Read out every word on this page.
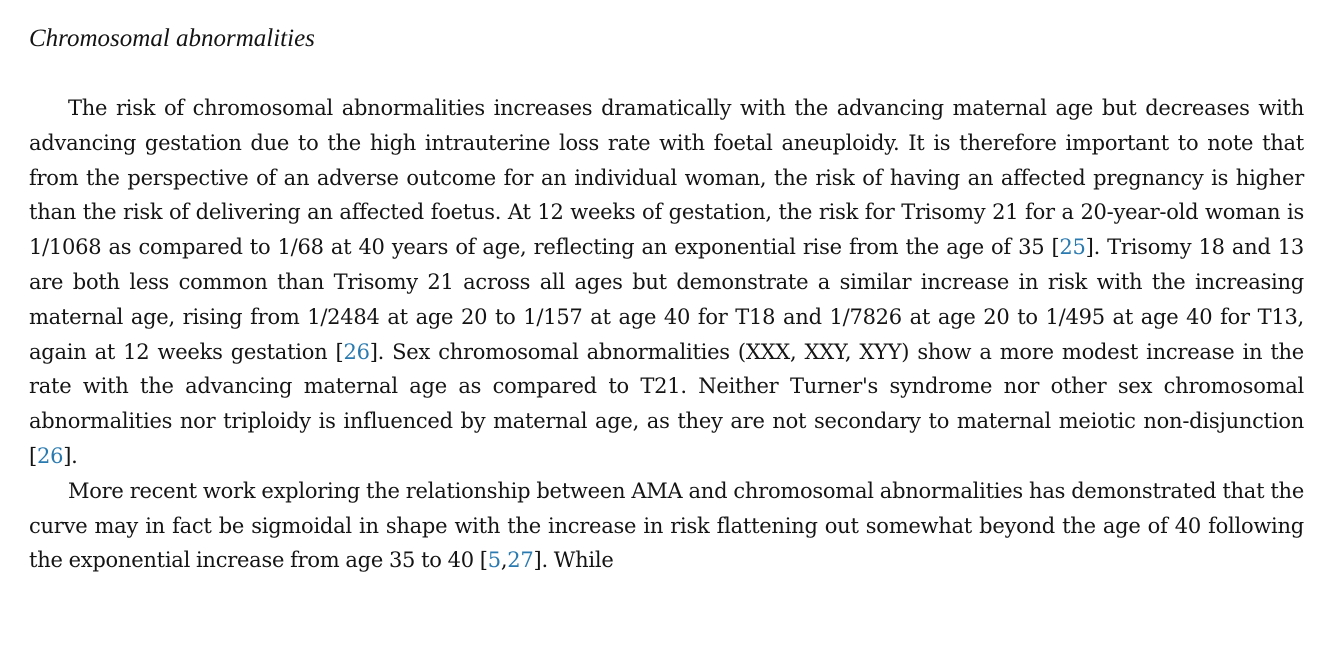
Chromosomal abnormalities

The risk of chromosomal abnormalities increases dramatically with the advancing maternal age but decreases with advancing gestation due to the high intrauterine loss rate with foetal aneuploidy. It is therefore important to note that from the perspective of an adverse outcome for an individual woman, the risk of having an affected pregnancy is higher than the risk of delivering an affected foetus. At 12 weeks of gestation, the risk for Trisomy 21 for a 20-year-old woman is 1/1068 as compared to 1/68 at 40 years of age, reflecting an exponential rise from the age of 35 [25]. Trisomy 18 and 13 are both less common than Trisomy 21 across all ages but demonstrate a similar increase in risk with the increasing maternal age, rising from 1/2484 at age 20 to 1/157 at age 40 for T18 and 1/7826 at age 20 to 1/495 at age 40 for T13, again at 12 weeks gestation [26]. Sex chromosomal abnormalities (XXX, XXY, XYY) show a more modest increase in the rate with the advancing maternal age as compared to T21. Neither Turner's syndrome nor other sex chromosomal abnormalities nor triploidy is influenced by maternal age, as they are not secondary to maternal meiotic non-disjunction [26].

More recent work exploring the relationship between AMA and chromosomal abnormalities has demonstrated that the curve may in fact be sigmoidal in shape with the increase in risk flattening out somewhat beyond the age of 40 following the exponential increase from age 35 to 40 [5,27]. While
